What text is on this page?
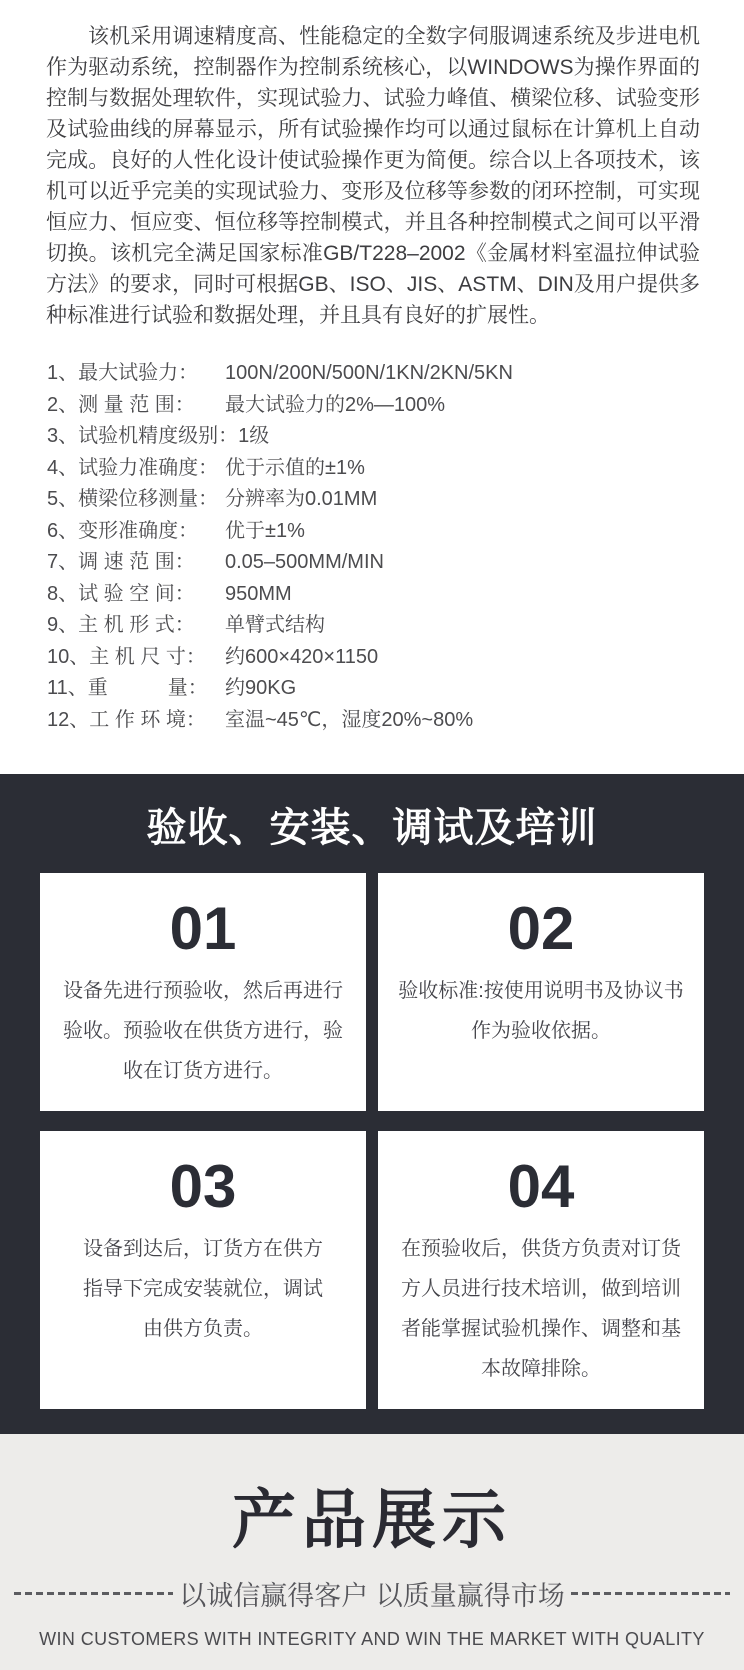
该机采用调速精度高、性能稳定的全数字伺服调速系统及步进电机作为驱动系统，控制器作为控制系统核心，以WINDOWS为操作界面的控制与数据处理软件，实现试验力、试验力峰值、横梁位移、试验变形及试验曲线的屏幕显示，所有试验操作均可以通过鼠标在计算机上自动完成。良好的人性化设计使试验操作更为简便。综合以上各项技术，该机可以近乎完美的实现试验力、变形及位移等参数的闭环控制，可实现恒应力、恒应变、恒位移等控制模式，并且各种控制模式之间可以平滑切换。该机完全满足国家标准GB/T228–2002《金属材料室温拉伸试验方法》的要求，同时可根据GB、ISO、JIS、ASTM、DIN及用户提供多种标准进行试验和数据处理，并且具有良好的扩展性。

1、最大试验力：	100N/200N/500N/1KN/2KN/5KN
2、测 量 范 围：	最大试验力的2%—100%
3、试验机精度级别： 1级
4、试验力准确度： 优于示值的±1%
5、横梁位移测量： 分辨率为0.01MM
6、变形准确度：	优于±1%
7、调 速 范 围：	0.05–500MM/MIN
8、试 验 空 间：	950MM
9、主 机 形 式：	单臂式结构
10、主 机 尺 寸： 约600×420×1150
11、重　　　量： 约90KG
12、工 作 环 境： 室温~45℃，湿度20%~80%
验收、安装、调试及培训
01
设备先进行预验收，然后再进行验收。预验收在供货方进行，验收在订货方进行。
02
验收标准:按使用说明书及协议书作为验收依据。
03
设备到达后，订货方在供方指导下完成安装就位，调试由供方负责。
04
在预验收后，供货方负责对订货方人员进行技术培训，做到培训者能掌握试验机操作、调整和基本故障排除。
产品展示
以诚信赢得客户 以质量赢得市场
WIN CUSTOMERS WITH INTEGRITY AND WIN THE MARKET WITH QUALITY
